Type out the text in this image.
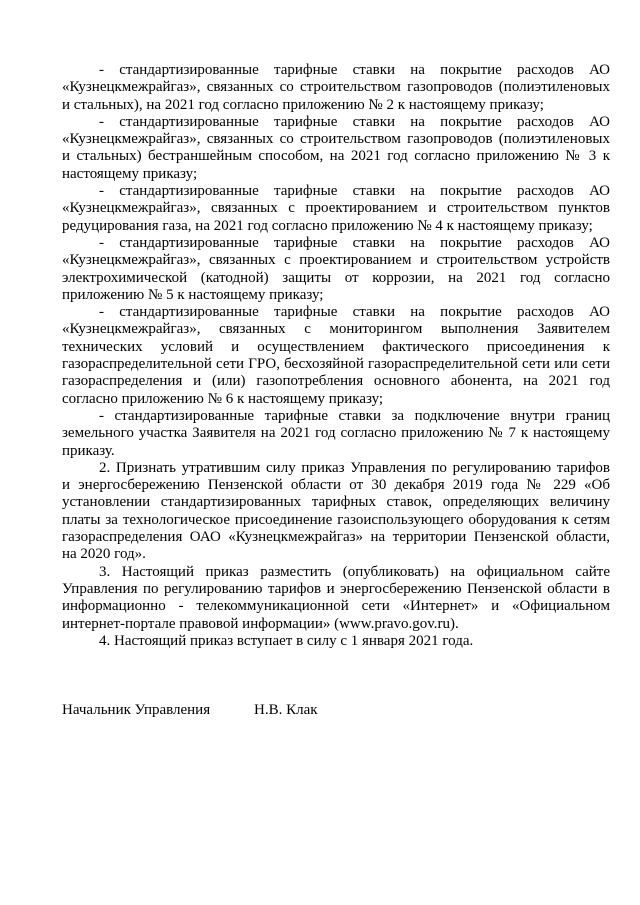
- стандартизированные тарифные ставки на покрытие расходов АО
«Кузнецкмежрайгаз», связанных со строительством газопроводов (полиэтиленовых
и стальных), на 2021 год согласно приложению № 2 к настоящему приказу;
- стандартизированные тарифные ставки на покрытие расходов АО
«Кузнецкмежрайгаз», связанных со строительством газопроводов (полиэтиленовых
и стальных) бестраншейным способом, на 2021 год согласно приложению № 3 к
настоящему приказу;
- стандартизированные тарифные ставки на покрытие расходов АО
«Кузнецкмежрайгаз», связанных с проектированием и строительством пунктов
редуцирования газа, на 2021 год согласно приложению № 4 к настоящему приказу;
- стандартизированные тарифные ставки на покрытие расходов АО
«Кузнецкмежрайгаз», связанных с проектированием и строительством устройств
электрохимической (катодной) защиты от коррозии, на 2021 год согласно
приложению № 5 к настоящему приказу;
- стандартизированные тарифные ставки на покрытие расходов АО
«Кузнецкмежрайгаз», связанных с мониторингом выполнения Заявителем
технических условий и осуществлением фактического присоединения к
газораспределительной сети ГРО, бесхозяйной газораспределительной сети или сети
газораспределения и (или) газопотребления основного абонента, на 2021 год
согласно приложению № 6 к настоящему приказу;
- стандартизированные тарифные ставки за подключение внутри границ
земельного участка Заявителя на 2021 год согласно приложению № 7 к настоящему
приказу.
2. Признать утратившим силу приказ Управления по регулированию тарифов
и энергосбережению Пензенской области от 30 декабря 2019 года № 229 «Об
установлении стандартизированных тарифных ставок, определяющих величину
платы за технологическое присоединение газоиспользующего оборудования к сетям
газораспределения ОАО «Кузнецкмежрайгаз» на территории Пензенской области,
на 2020 год».
3. Настоящий приказ разместить (опубликовать) на официальном сайте
Управления по регулированию тарифов и энергосбережению Пензенской области в
информационно - телекоммуникационной сети «Интернет» и «Официальном
интернет-портале правовой информации» (www.pravo.gov.ru).
4. Настоящий приказ вступает в силу с 1 января 2021 года.
Начальник Управления	Н.В. Клак
